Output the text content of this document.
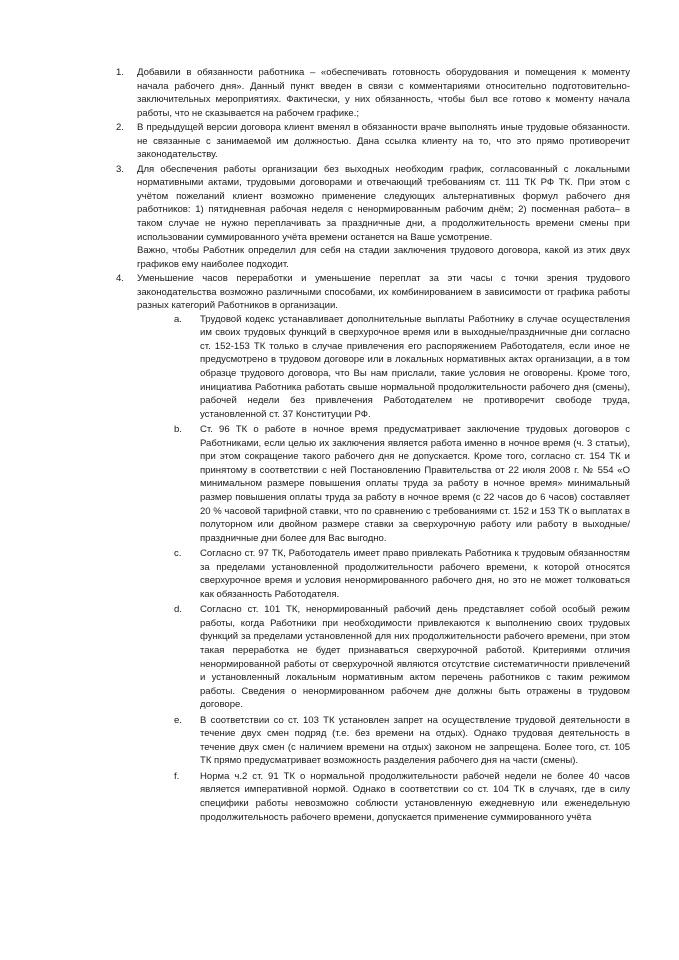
1.	Добавили в обязанности работника – «обеспечивать готовность оборудования и помещения к моменту начала рабочего дня». Данный пункт введен в связи с комментариями относительно подготовительно-заключительных мероприятиях. Фактически, у них обязанность, чтобы был все готово к моменту начала работы, что не сказывается на рабочем графике.;

2.	В предыдущей версии договора клиент вменял в обязанности враче выполнять иные трудовые обязанности. не связанные с занимаемой им должностью. Дана ссылка клиенту на то, что это прямо противоречит законодательству.

3.	Для обеспечения работы организации без выходных необходим график, согласованный с локальными нормативными актами, трудовыми договорами и отвечающий требованиям ст. 111 ТК РФ ТК. При этом с учётом пожеланий клиент возможно применение следующих альтернативных формул рабочего дня работников: 1) пятидневная рабочая неделя с ненормированным рабочим днём; 2) посменная работа– в таком случае не нужно переплачивать за праздничные дни, а продолжительность времени смены при использовании суммированного учёта времени останется на Ваше усмотрение.

Важно, чтобы Работник определил для себя на стадии заключения трудового договора, какой из этих двух графиков ему наиболее подходит.

4.	Уменьшение часов переработки и уменьшение переплат за эти часы с точки зрения трудового законодательства возможно различными способами, их комбинированием в зависимости от графика работы разных категорий Работников в организации.

a.	Трудовой кодекс устанавливает дополнительные выплаты Работнику в случае осуществления им своих трудовых функций в сверхурочное время или в выходные/праздничные дни согласно ст. 152-153 ТК только в случае привлечения его распоряжением Работодателя, если иное не предусмотрено в трудовом договоре или в локальных нормативных актах организации, а в том образце трудового договора, что Вы нам прислали, такие условия не оговорены. Кроме того, инициатива Работника работать свыше нормальной продолжительности рабочего дня (смены), рабочей недели без привлечения Работодателем не противоречит свободе труда, установленной ст. 37 Конституции РФ.

b.	Ст. 96 ТК о работе в ночное время предусматривает заключение трудовых договоров с Работниками, если целью их заключения является работа именно в ночное время (ч. 3 статьи), при этом сокращение такого рабочего дня не допускается. Кроме того, согласно ст. 154 ТК и принятому в соответствии с ней Постановлению Правительства от 22 июля 2008 г. № 554 «О минимальном размере повышения оплаты труда за работу в ночное время» минимальный размер повышения оплаты труда за работу в ночное время (с 22 часов до 6 часов) составляет 20 % часовой тарифной ставки, что по сравнению с требованиями ст. 152 и 153 ТК о выплатах в полуторном или двойном размере ставки за сверхурочную работу или работу в выходные/праздничные дни более для Вас выгодно.

c.	Согласно ст. 97 ТК, Работодатель имеет право привлекать Работника к трудовым обязанностям за пределами установленной продолжительности рабочего времени, к которой относятся сверхурочное время и условия ненормированного рабочего дня, но это не может толковаться как обязанность Работодателя.

d.	Согласно ст. 101 ТК, ненормированный рабочий день представляет собой особый режим работы, когда Работники при необходимости привлекаются к выполнению своих трудовых функций за пределами установленной для них продолжительности рабочего времени, при этом такая переработка не будет признаваться сверхурочной работой. Критериями отличия ненормированной работы от сверхурочной являются отсутствие систематичности привлечений и установленный локальным нормативным актом перечень работников с таким режимом работы. Сведения о ненормированном рабочем дне должны быть отражены в трудовом договоре.

e.	В соответствии со ст. 103 ТК установлен запрет на осуществление трудовой деятельности в течение двух смен подряд (т.е. без времени на отдых). Однако трудовая деятельность в течение двух смен (с наличием времени на отдых) законом не запрещена. Более того, ст. 105 ТК прямо предусматривает возможность разделения рабочего дня на части (смены).

f.	Норма ч.2 ст. 91 ТК о нормальной продолжительности рабочей недели не более 40 часов является императивной нормой. Однако в соответствии со ст. 104 ТК в случаях, где в силу специфики работы невозможно соблюсти установленную ежедневную или еженедельную продолжительность рабочего времени, допускается применение суммированного учёта
